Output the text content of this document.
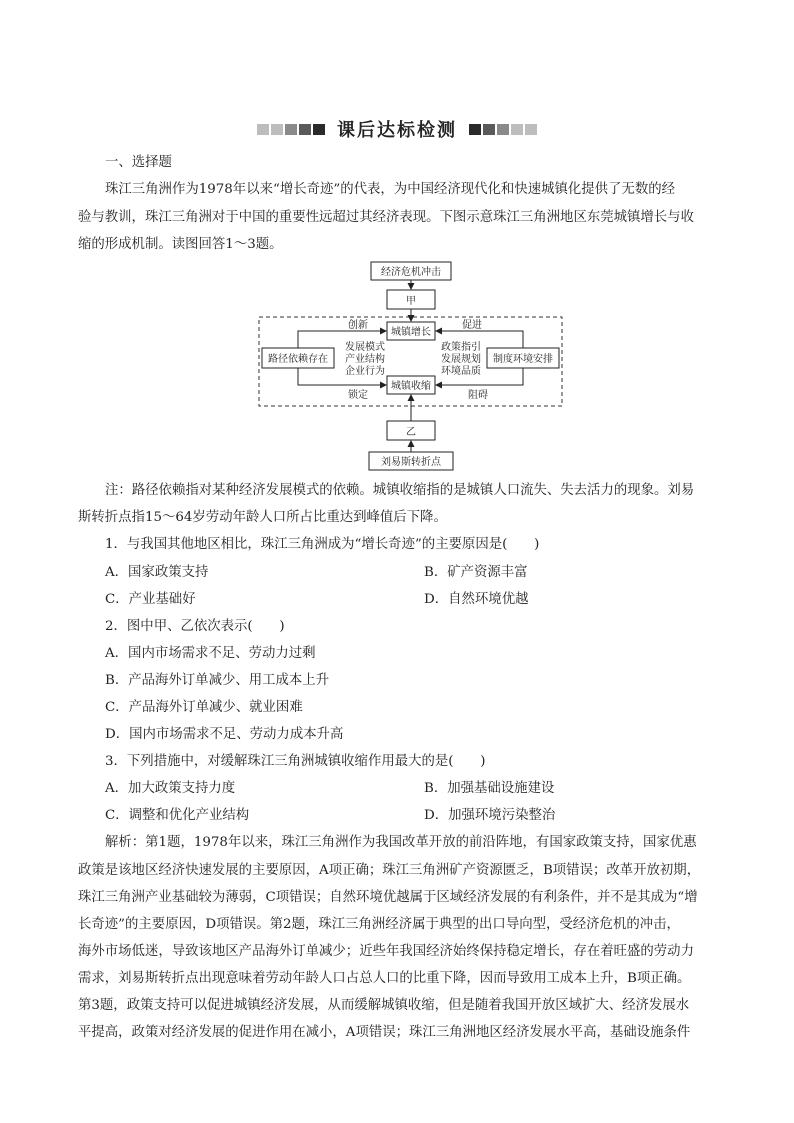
课后达标检测
一、选择题
珠江三角洲作为1978年以来“增长奇迹”的代表，为中国经济现代化和快速城镇化提供了无数的经
验与教训，珠江三角洲对于中国的重要性远超过其经济表现。下图示意珠江三角洲地区东莞城镇增长与收
缩的形成机制。读图回答1～3题。
经济危机冲击
甲
城镇增长
城镇收缩
路径依赖存在	制度环境安排
创新
锁定
促进
阻碍
发展模式
产业结构
企业行为
政策指引
发展规划
环境品质
乙
刘易斯转折点
注：路径依赖指对某种经济发展模式的依赖。城镇收缩指的是城镇人口流失、失去活力的现象。刘易
斯转折点指15～64岁劳动年龄人口所占比重达到峰值后下降。
1．与我国其他地区相比，珠江三角洲成为“增长奇迹”的主要原因是(　　)
A．国家政策支持	B．矿产资源丰富
C．产业基础好	D．自然环境优越
2．图中甲、乙依次表示(　　)
A．国内市场需求不足、劳动力过剩
B．产品海外订单减少、用工成本上升
C．产品海外订单减少、就业困难
D．国内市场需求不足、劳动力成本升高
3．下列措施中，对缓解珠江三角洲城镇收缩作用最大的是(　　)
A．加大政策支持力度	B．加强基础设施建设
C．调整和优化产业结构	D．加强环境污染整治
解析：第1题，1978年以来，珠江三角洲作为我国改革开放的前沿阵地，有国家政策支持，国家优惠
政策是该地区经济快速发展的主要原因，A项正确；珠江三角洲矿产资源匮乏，B项错误；改革开放初期，
珠江三角洲产业基础较为薄弱，C项错误；自然环境优越属于区域经济发展的有利条件，并不是其成为“增
长奇迹”的主要原因，D项错误。第2题，珠江三角洲经济属于典型的出口导向型，受经济危机的冲击，
海外市场低迷，导致该地区产品海外订单减少；近些年我国经济始终保持稳定增长，存在着旺盛的劳动力
需求，刘易斯转折点出现意味着劳动年龄人口占总人口的比重下降，因而导致用工成本上升，B项正确。
第3题，政策支持可以促进城镇经济发展，从而缓解城镇收缩，但是随着我国开放区域扩大、经济发展水
平提高，政策对经济发展的促进作用在减小，A项错误；珠江三角洲地区经济发展水平高，基础设施条件
